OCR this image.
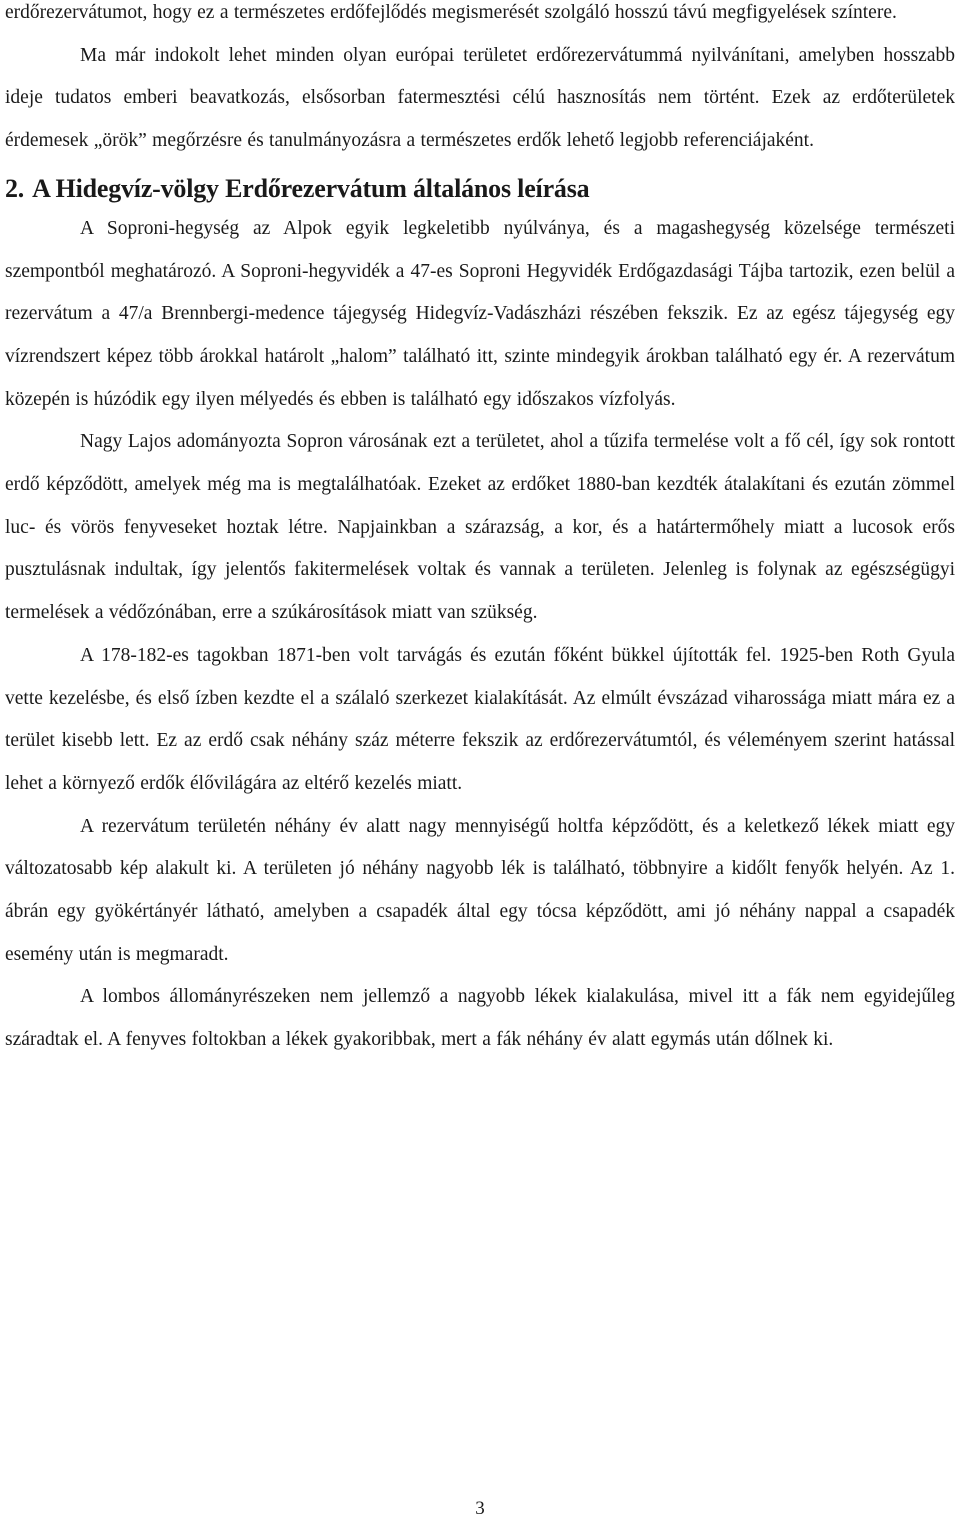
erdőrezervátumot, hogy ez a természetes erdőfejlődés megismerését szolgáló hosszú távú megfigyelések színtere.

Ma már indokolt lehet minden olyan európai területet erdőrezervátummá nyilvánítani, amelyben hosszabb ideje tudatos emberi beavatkozás, elsősorban fatermesztési célú hasznosítás nem történt. Ezek az erdőterületek érdemesek „örök” megőrzésre és tanulmányozásra a természetes erdők lehető legjobb referenciájaként.

2. A Hidegvíz-völgy Erdőrezervátum általános leírása

A Soproni-hegység az Alpok egyik legkeletibb nyúlványa, és a magashegység közelsége természeti szempontból meghatározó. A Soproni-hegyvidék a 47-es Soproni Hegyvidék Erdőgazdasági Tájba tartozik, ezen belül a rezervátum a 47/a Brennbergi-medence tájegység Hidegvíz-Vadászházi részében fekszik. Ez az egész tájegység egy vízrendszert képez több árokkal határolt „halom” található itt, szinte mindegyik árokban található egy ér. A rezervátum közepén is húzódik egy ilyen mélyedés és ebben is található egy időszakos vízfolyás.

Nagy Lajos adományozta Sopron városának ezt a területet, ahol a tűzifa termelése volt a fő cél, így sok rontott erdő képződött, amelyek még ma is megtalálhatóak. Ezeket az erdőket 1880-ban kezdték átalakítani és ezután zömmel luc- és vörös fenyveseket hoztak létre. Napjainkban a szárazság, a kor, és a határtermőhely miatt a lucosok erős pusztulásnak indultak, így jelentős fakitermelések voltak és vannak a területen. Jelenleg is folynak az egészségügyi termelések a védőzónában, erre a szúkárosítások miatt van szükség.

A 178-182-es tagokban 1871-ben volt tarvágás és ezután főként bükkel újították fel. 1925-ben Roth Gyula vette kezelésbe, és első ízben kezdte el a szálaló szerkezet kialakítását. Az elmúlt évszázad viharossága miatt mára ez a terület kisebb lett. Ez az erdő csak néhány száz méterre fekszik az erdőrezervátumtól, és véleményem szerint hatással lehet a környező erdők élővilágára az eltérő kezelés miatt.

A rezervátum területén néhány év alatt nagy mennyiségű holtfa képződött, és a keletkező lékek miatt egy változatosabb kép alakult ki. A területen jó néhány nagyobb lék is található, többnyire a kidőlt fenyők helyén. Az 1. ábrán egy gyökértányér látható, amelyben a csapadék által egy tócsa képződött, ami jó néhány nappal a csapadék esemény után is megmaradt.

A lombos állományrészeken nem jellemző a nagyobb lékek kialakulása, mivel itt a fák nem egyidejűleg száradtak el. A fenyves foltokban a lékek gyakoribbak, mert a fák néhány év alatt egymás után dőlnek ki.

3
